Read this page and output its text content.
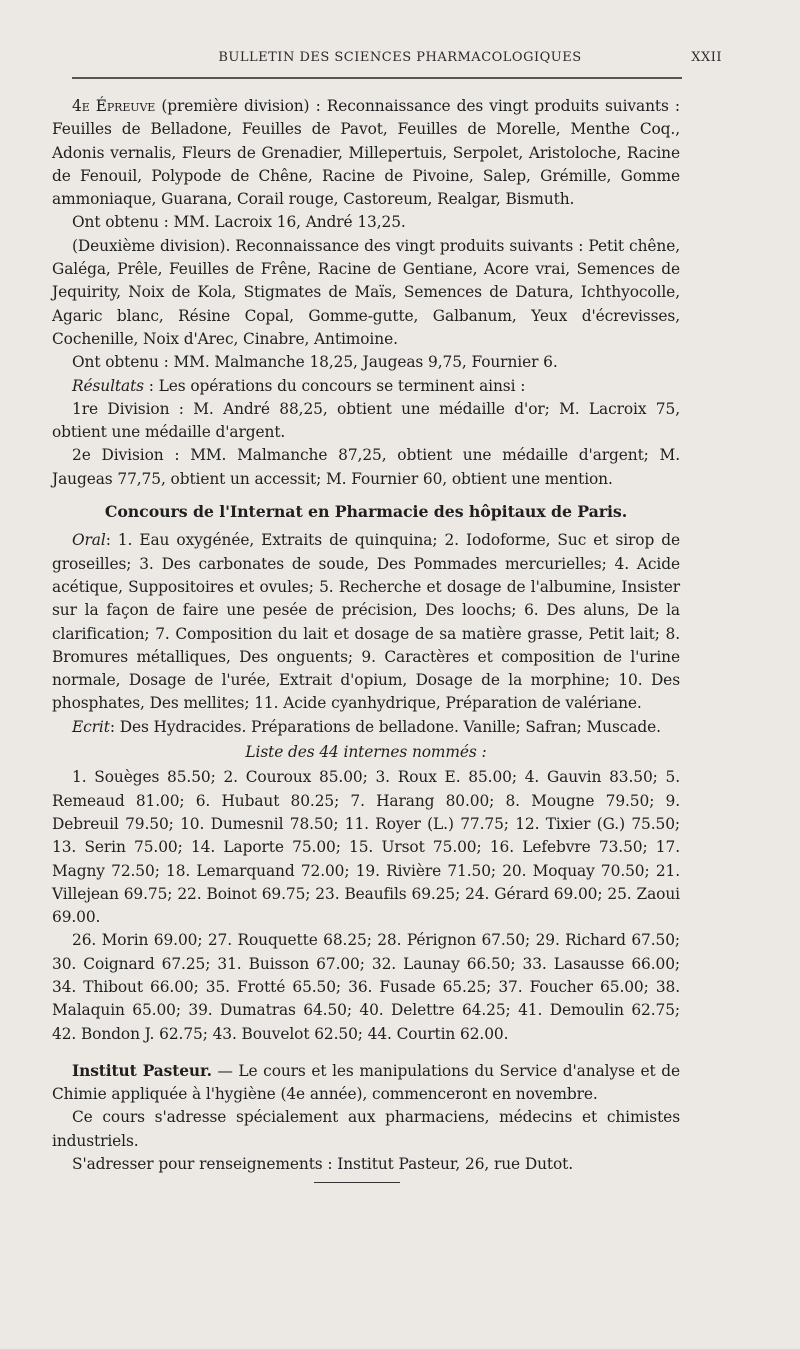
BULLETIN DES SCIENCES PHARMACOLOGIQUES	XXII

4e Épreuve (première division) : Reconnaissance des vingt produits suivants : Feuilles de Belladone, Feuilles de Pavot, Feuilles de Morelle, Menthe Coq., Adonis vernalis, Fleurs de Grenadier, Millepertuis, Serpolet, Aristoloche, Racine de Fenouil, Polypode de Chêne, Racine de Pivoine, Salep, Grémille, Gomme ammoniaque, Guarana, Corail rouge, Castoreum, Realgar, Bismuth.

Ont obtenu : MM. Lacroix 16, André 13,25.

(Deuxième division). Reconnaissance des vingt produits suivants : Petit chêne, Galéga, Prêle, Feuilles de Frêne, Racine de Gentiane, Acore vrai, Semences de Jequirity, Noix de Kola, Stigmates de Maïs, Semences de Datura, Ichthyocolle, Agaric blanc, Résine Copal, Gomme-gutte, Galbanum, Yeux d'écrevisses, Cochenille, Noix d'Arec, Cinabre, Antimoine.

Ont obtenu : MM. Malmanche 18,25, Jaugeas 9,75, Fournier 6.

Résultats : Les opérations du concours se terminent ainsi :

1re Division : M. André 88,25, obtient une médaille d'or; M. Lacroix 75, obtient une médaille d'argent.

2e Division : MM. Malmanche 87,25, obtient une médaille d'argent; M. Jaugeas 77,75, obtient un accessit; M. Fournier 60, obtient une mention.

Concours de l'Internat en Pharmacie des hôpitaux de Paris.

Oral: 1. Eau oxygénée, Extraits de quinquina; 2. Iodoforme, Suc et sirop de groseilles; 3. Des carbonates de soude, Des Pommades mercurielles; 4. Acide acétique, Suppositoires et ovules; 5. Recherche et dosage de l'albumine, Insister sur la façon de faire une pesée de précision, Des loochs; 6. Des aluns, De la clarification; 7. Composition du lait et dosage de sa matière grasse, Petit lait; 8. Bromures métalliques, Des onguents; 9. Caractères et composition de l'urine normale, Dosage de l'urée, Extrait d'opium, Dosage de la morphine; 10. Des phosphates, Des mellites; 11. Acide cyanhydrique, Préparation de valériane.

Ecrit: Des Hydracides. Préparations de belladone. Vanille; Safran; Muscade.

Liste des 44 internes nommés :

1. Souèges 85.50; 2. Couroux 85.00; 3. Roux E. 85.00; 4. Gauvin 83.50; 5. Remeaud 81.00; 6. Hubaut 80.25; 7. Harang 80.00; 8. Mougne 79.50; 9. Debreuil 79.50; 10. Dumesnil 78.50; 11. Royer (L.) 77.75; 12. Tixier (G.) 75.50; 13. Serin 75.00; 14. Laporte 75.00; 15. Ursot 75.00; 16. Lefebvre 73.50; 17. Magny 72.50; 18. Lemarquand 72.00; 19. Rivière 71.50; 20. Moquay 70.50; 21. Villejean 69.75; 22. Boinot 69.75; 23. Beaufils 69.25; 24. Gérard 69.00; 25. Zaoui 69.00.

26. Morin 69.00; 27. Rouquette 68.25; 28. Pérignon 67.50; 29. Richard 67.50; 30. Coignard 67.25; 31. Buisson 67.00; 32. Launay 66.50; 33. Lasausse 66.00; 34. Thibout 66.00; 35. Frotté 65.50; 36. Fusade 65.25; 37. Foucher 65.00; 38. Malaquin 65.00; 39. Dumatras 64.50; 40. Delettre 64.25; 41. Demoulin 62.75; 42. Bondon J. 62.75; 43. Bouvelot 62.50; 44. Courtin 62.00.

Institut Pasteur. — Le cours et les manipulations du Service d'analyse et de Chimie appliquée à l'hygiène (4e année), commenceront en novembre.

Ce cours s'adresse spécialement aux pharmaciens, médecins et chimistes industriels.

S'adresser pour renseignements : Institut Pasteur, 26, rue Dutot.
